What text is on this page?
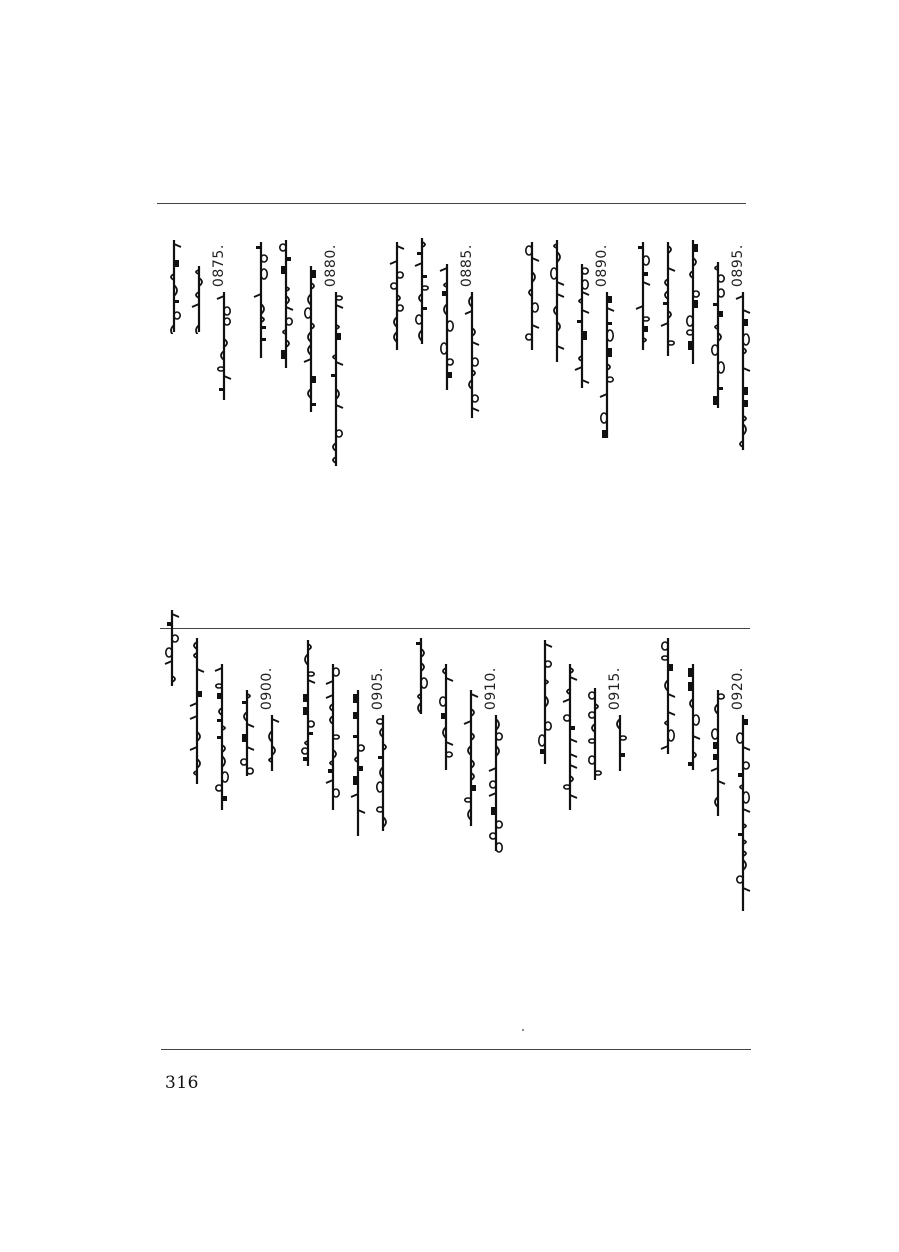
0895.
0890.
0885.
0880.
0875.
0920.
0915.
0910.
0905.
0900.
316
